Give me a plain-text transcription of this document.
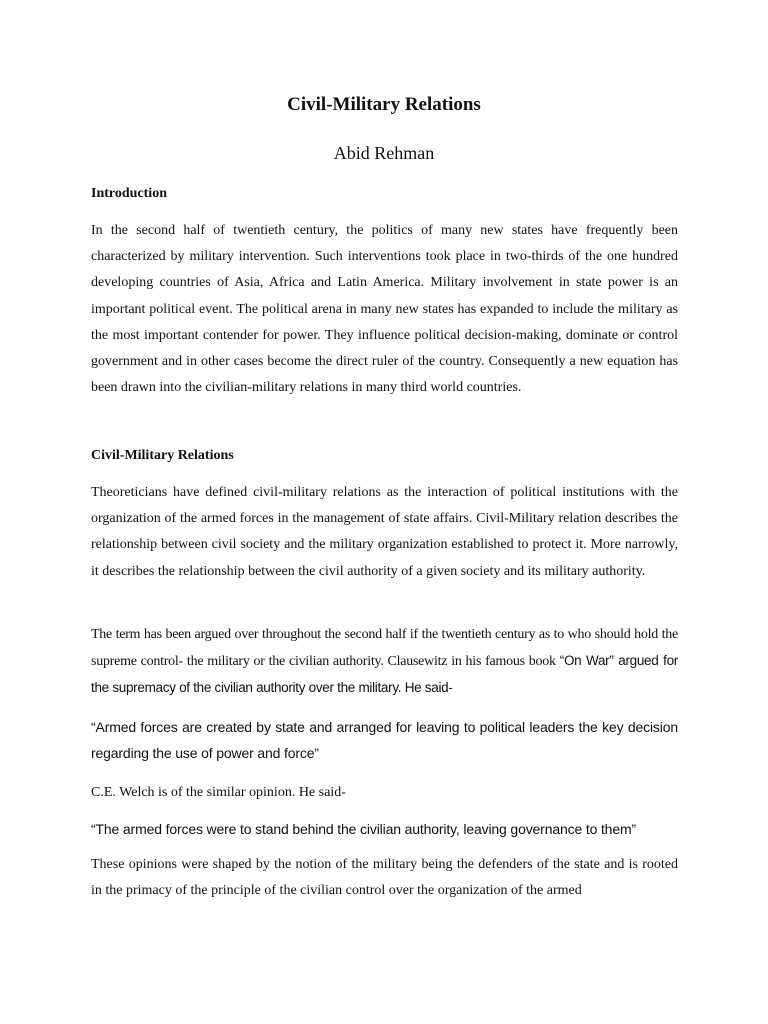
Civil-Military Relations
Abid Rehman
Introduction
In the second half of twentieth century, the politics of many new states have frequently been characterized by military intervention. Such interventions took place in two-thirds of the one hundred developing countries of Asia, Africa and Latin America. Military involvement in state power is an important political event. The political arena in many new states has expanded to include the military as the most important contender for power. They influence political decision-making, dominate or control government and in other cases become the direct ruler of the country. Consequently a new equation has been drawn into the civilian-military relations in many third world countries.
Civil-Military Relations
Theoreticians have defined civil-military relations as the interaction of political institutions with the organization of the armed forces in the management of state affairs. Civil-Military relation describes the relationship between civil society and the military organization established to protect it. More narrowly, it describes the relationship between the civil authority of a given society and its military authority.
The term has been argued over throughout the second half if the twentieth century as to who should hold the supreme control- the military or the civilian authority. Clausewitz in his famous book “On War” argued for the supremacy of the civilian authority over the military. He said-
“Armed forces are created by state and arranged for leaving to political leaders the key decision regarding the use of power and force”
C.E. Welch is of the similar opinion. He said-
“The armed forces were to stand behind the civilian authority, leaving governance to them”
These opinions were shaped by the notion of the military being the defenders of the state and is rooted in the primacy of the principle of the civilian control over the organization of the armed
